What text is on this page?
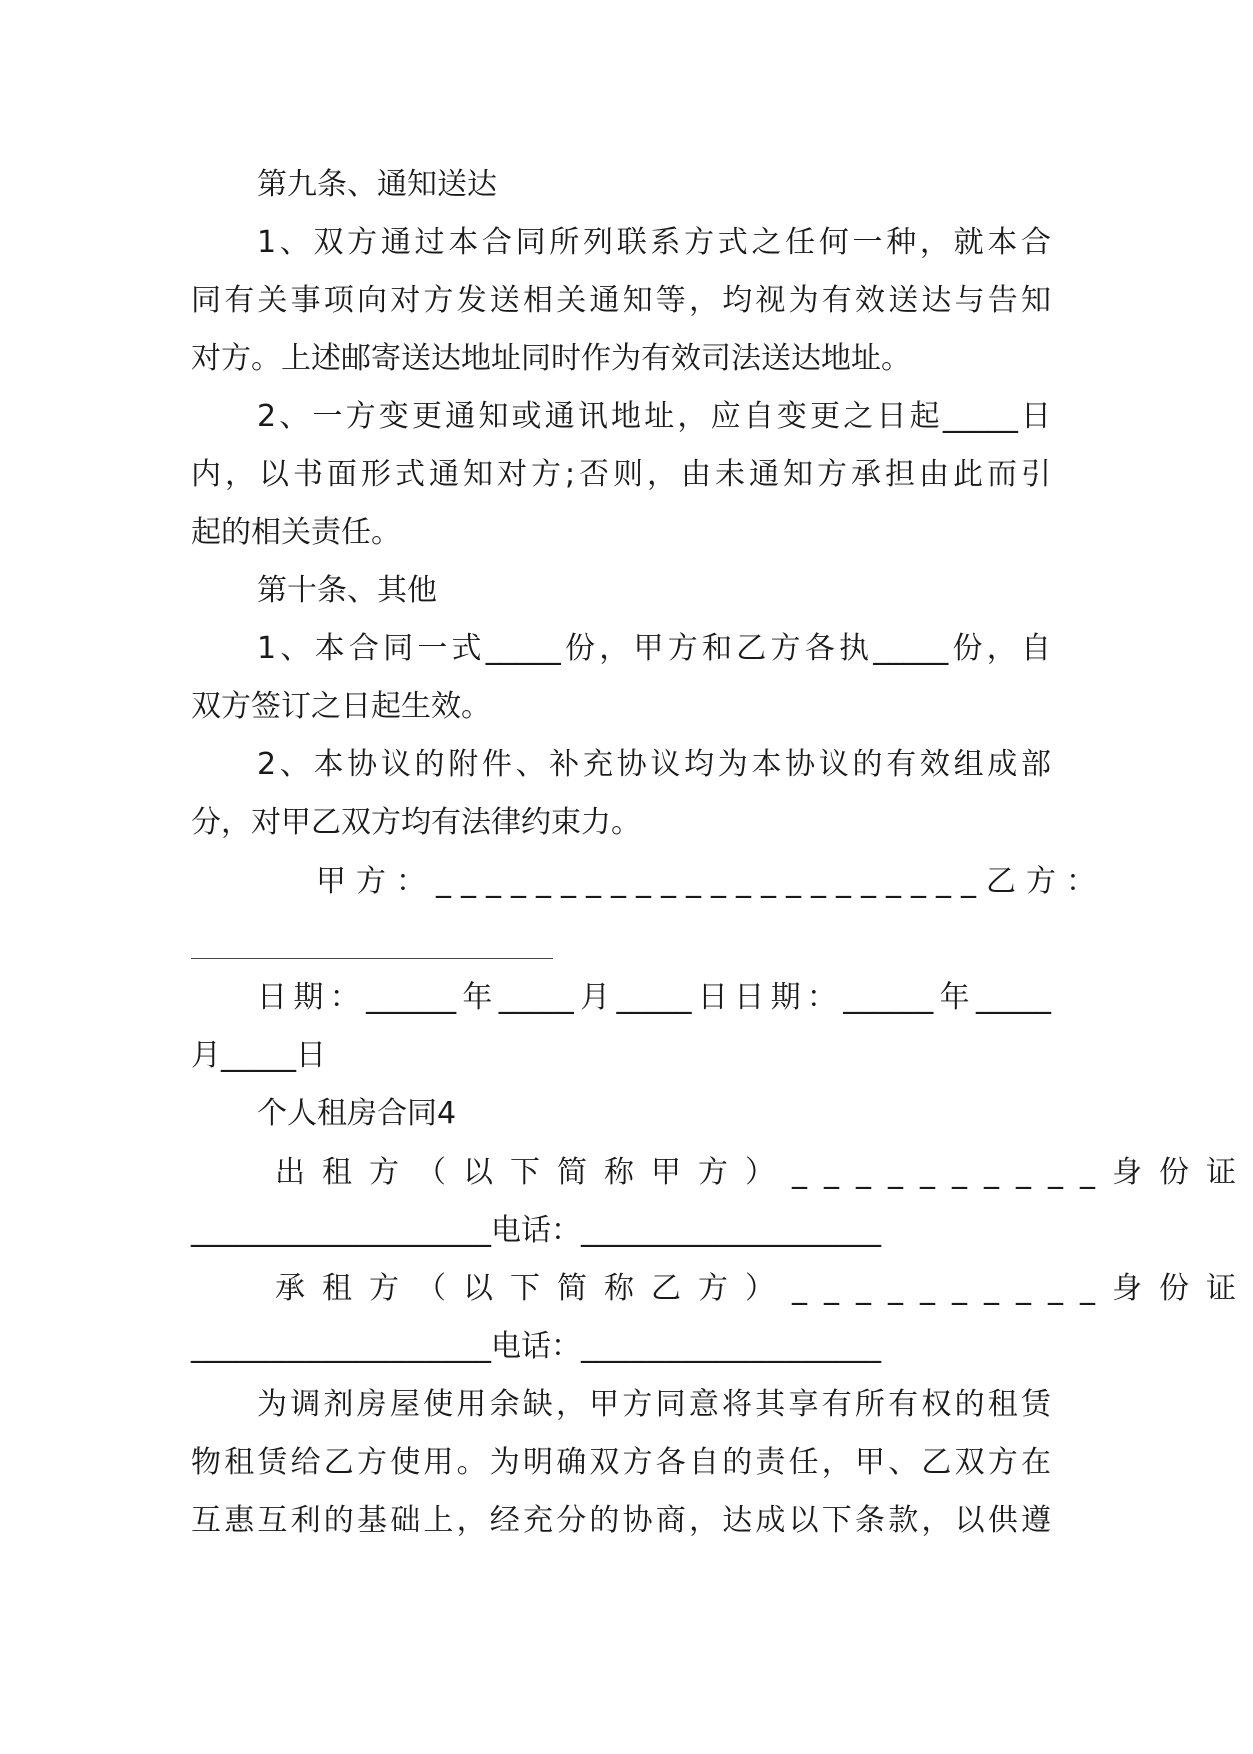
第九条、通知送达
1、双方通过本合同所列联系方式之任何一种，就本合
同有关事项向对方发送相关通知等，均视为有效送达与告知
对方。上述邮寄送达地址同时作为有效司法送达地址。
2、一方变更通知或通讯地址，应自变更之日起_____日
内，以书面形式通知对方;否则，由未通知方承担由此而引
起的相关责任。
第十条、其他
1、本合同一式_____份，甲方和乙方各执_____份，自
双方签订之日起生效。
2、本协议的附件、补充协议均为本协议的有效组成部
分，对甲乙双方均有法律约束力。
甲方：______________________乙方：
日期：______年_____月_____日日期：______年_____
月_____日
个人租房合同4
出租方（以下简称甲方）__________身份证
____________________电话：____________________
承租方（以下简称乙方）__________身份证
____________________电话：____________________
为调剂房屋使用余缺，甲方同意将其享有所有权的租赁
物租赁给乙方使用。为明确双方各自的责任，甲、乙双方在
互惠互利的基础上，经充分的协商，达成以下条款，以供遵
